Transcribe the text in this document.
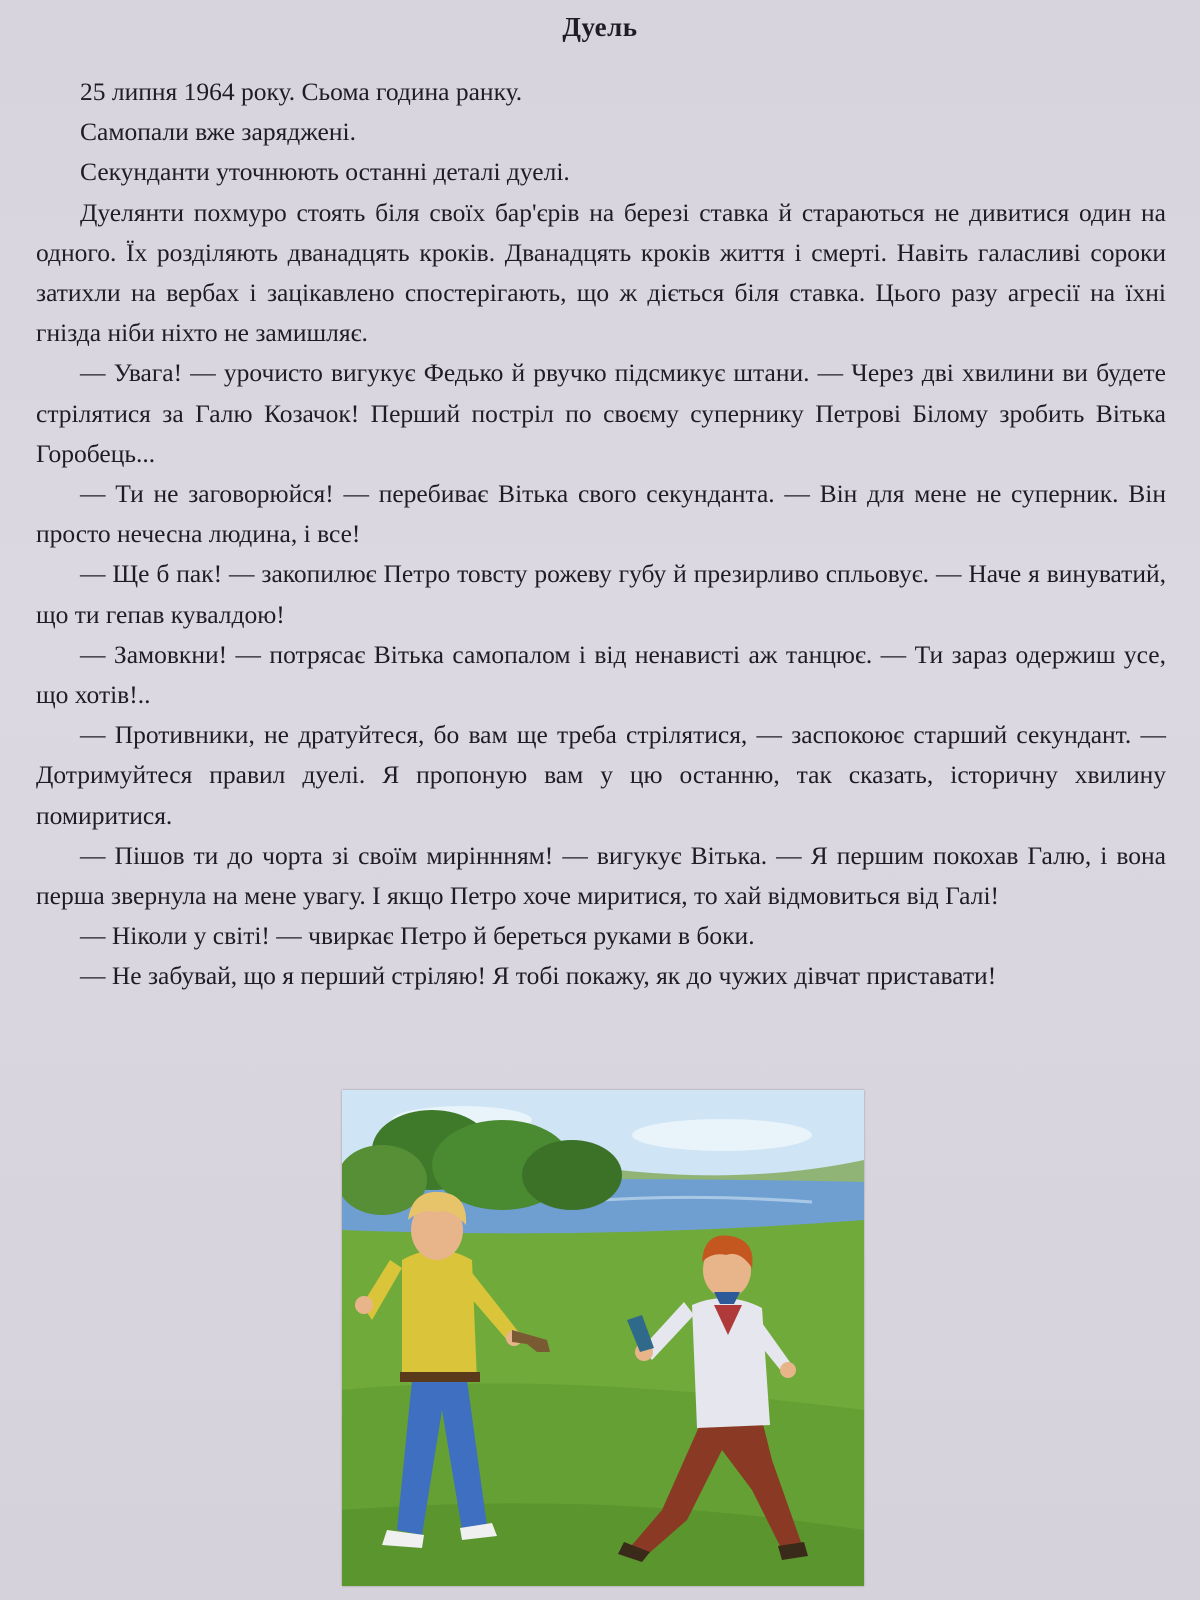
Дуель

25 липня 1964 року. Сьома година ранку.

Самопали вже заряджені.

Секунданти уточнюють останні деталі дуелі.

Дуелянти похмуро стоять біля своїх бар'єрів на березі ставка й стараються не дивитися один на одного. Їх розділяють дванадцять кроків. Дванадцять кроків життя і смерті. Навіть галасливі сороки затихли на вербах і зацікавлено спостерігають, що ж діється біля ставка. Цього разу агресії на їхні гнізда ніби ніхто не замишляє.

— Увага! — урочисто вигукує Федько й рвучко підсмикує штани. — Через дві хвилини ви будете стрілятися за Галю Козачок! Перший постріл по своєму супернику Петрові Білому зробить Вітька Горобець...

— Ти не заговорюйся! — перебиває Вітька свого секунданта. — Він для мене не суперник. Він просто нечесна людина, і все!

— Ще б пак! — закопилює Петро товсту рожеву губу й презирливо спльовує. — Наче я винуватий, що ти гепав кувалдою!

— Замовкни! — потрясає Вітька самопалом і від ненависті аж танцює. — Ти зараз одержиш усе, що хотів!..

— Противники, не дратуйтеся, бо вам ще треба стрілятися, — заспокоює старший секундант. — Дотримуйтеся правил дуелі. Я пропоную вам у цю останню, так сказать, історичну хвилину помиритися.

— Пішов ти до чорта зі своїм миріннням! — вигукує Вітька. — Я першим покохав Галю, і вона перша звернула на мене увагу. І якщо Петро хоче миритися, то хай відмовиться від Галі!

— Ніколи у світі! — чвиркає Петро й береться руками в боки.

— Не забувай, що я перший стріляю! Я тобі покажу, як до чужих дівчат приставати!
